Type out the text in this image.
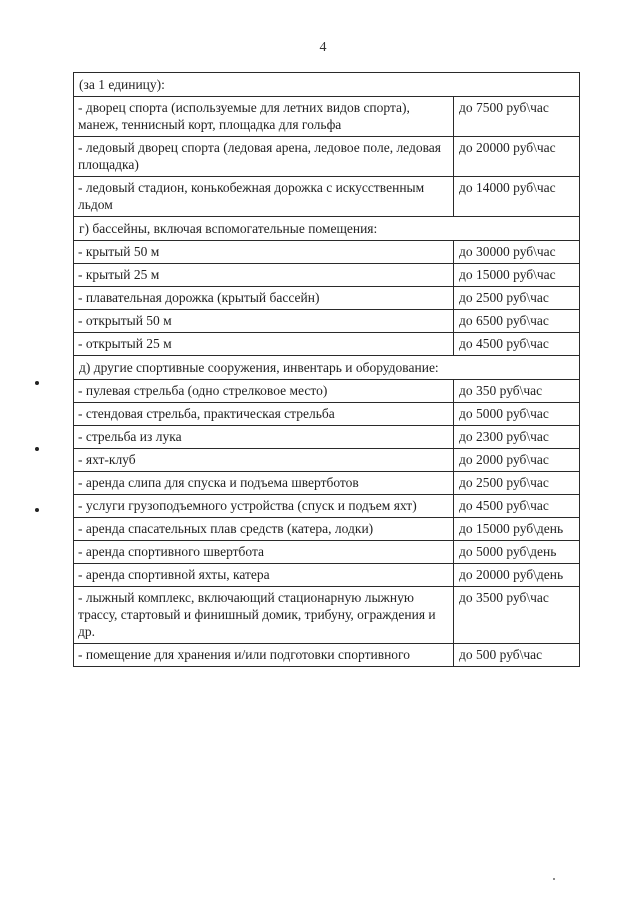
4
(за 1 единицу):	
- дворец спорта (используемые для летних видов спорта), манеж, теннисный корт, площадка для гольфа	до 7500 руб\час
- ледовый дворец спорта (ледовая арена, ледовое поле, ледовая площадка)	до 20000 руб\час
- ледовый стадион, конькобежная дорожка с искусственным льдом	до 14000 руб\час
г) бассейны, включая вспомогательные помещения:	
- крытый 50 м	до 30000 руб\час
- крытый 25 м	до 15000 руб\час
- плавательная дорожка (крытый бассейн)	до 2500 руб\час
- открытый 50 м	до 6500 руб\час
- открытый 25 м	до 4500 руб\час
д) другие спортивные сооружения, инвентарь и оборудование:	
- пулевая стрельба (одно стрелковое место)	до 350 руб\час
- стендовая стрельба, практическая стрельба	до 5000 руб\час
- стрельба из лука	до 2300 руб\час
- яхт-клуб	до 2000 руб\час
- аренда слипа для спуска и подъема швертботов	до 2500 руб\час
- услуги грузоподъемного устройства (спуск и подъем яхт)	до 4500 руб\час
- аренда спасательных плав средств (катера, лодки)	до 15000 руб\день
- аренда спортивного швертбота	до 5000 руб\день
- аренда спортивной яхты, катера	до 20000 руб\день
- лыжный комплекс, включающий стационарную лыжную трассу, стартовый и финишный домик, трибуну, ограждения и др.	до 3500 руб\час
- помещение для хранения и/или подготовки спортивного	до 500 руб\час
